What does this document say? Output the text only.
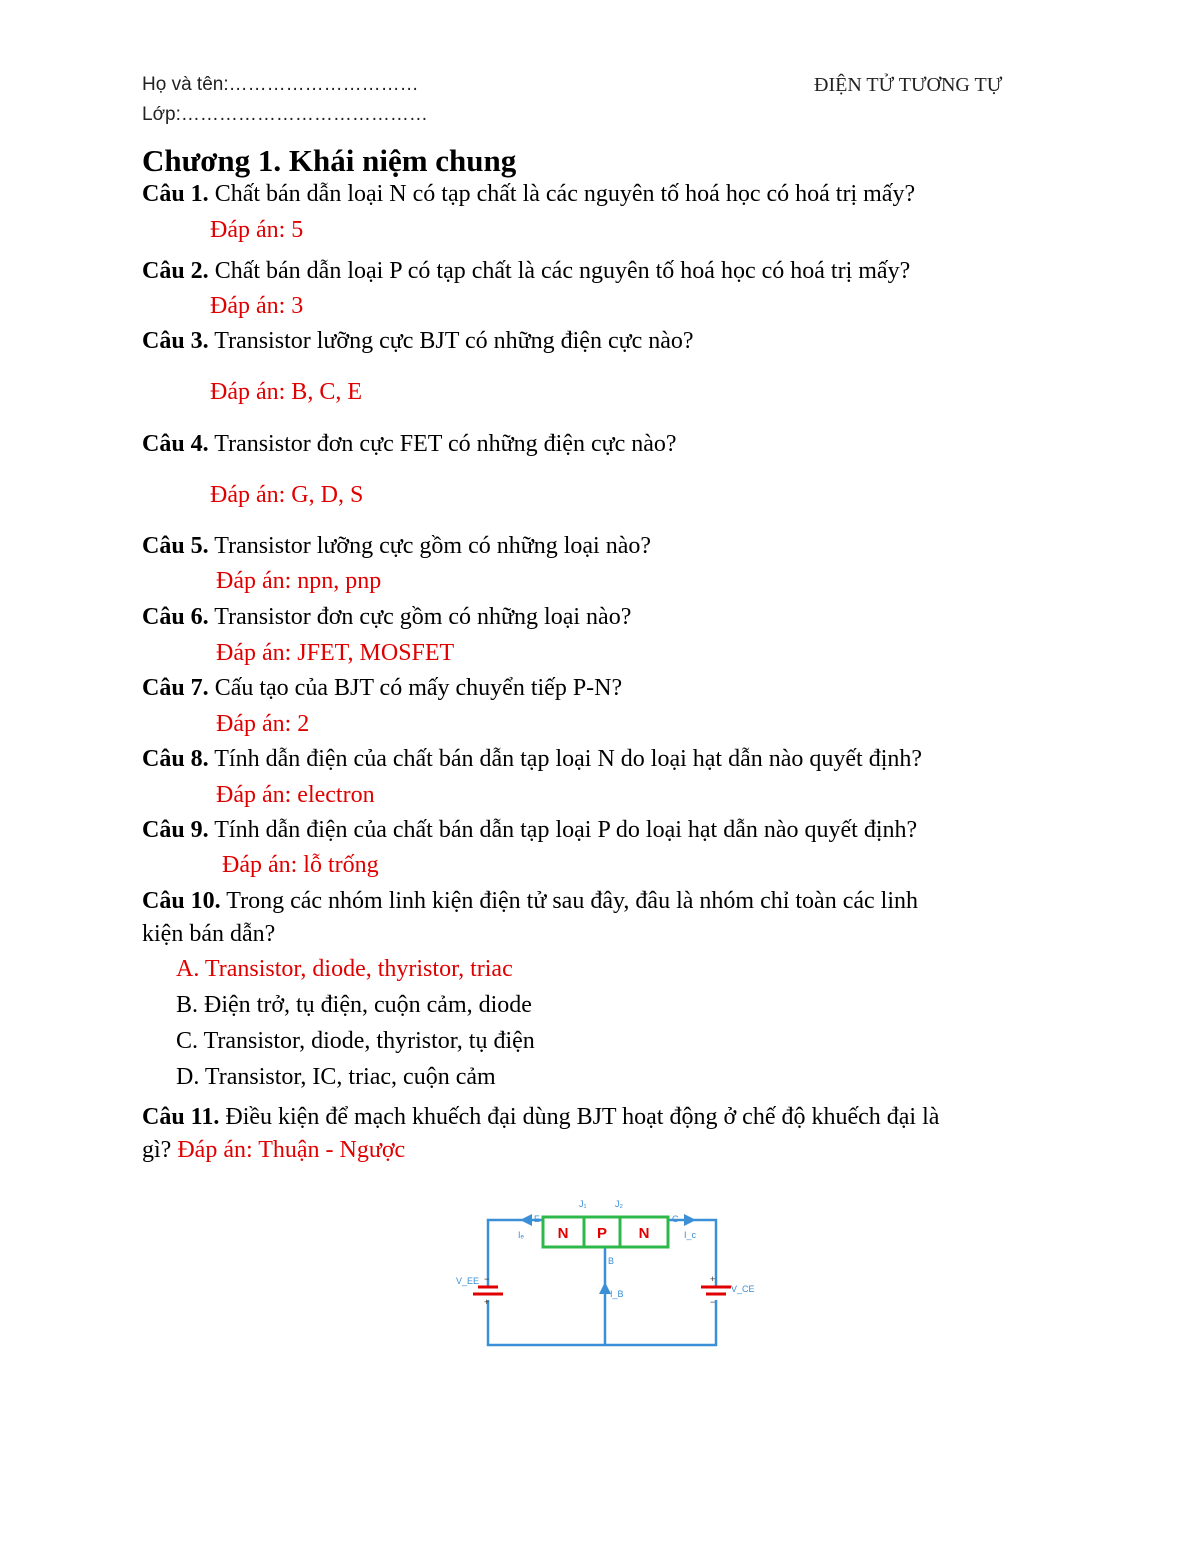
Họ và tên:…………………………
Lớp:…………………………………
ĐIỆN TỬ TƯƠNG TỰ
Chương 1. Khái niệm chung
Câu 1. Chất bán dẫn loại N có tạp chất là các nguyên tố hoá học có hoá trị mấy?
Đáp án: 5
Câu 2. Chất bán dẫn loại P có tạp chất là các nguyên tố hoá học có hoá trị mấy?
Đáp án: 3
Câu 3. Transistor lưỡng cực BJT có những điện cực nào?
Đáp án: B, C, E
Câu 4. Transistor đơn cực FET có những điện cực nào?
Đáp án: G, D, S
Câu 5. Transistor lưỡng cực gồm có những loại nào?
Đáp án: npn, pnp
Câu 6. Transistor đơn cực gồm có những loại nào?
Đáp án: JFET, MOSFET
Câu 7. Cấu tạo của BJT có mấy chuyển tiếp P-N?
Đáp án: 2
Câu 8. Tính dẫn điện của chất bán dẫn tạp loại N do loại hạt dẫn nào quyết định?
Đáp án: electron
Câu 9. Tính dẫn điện của chất bán dẫn tạp loại P do loại hạt dẫn nào quyết định?
Đáp án: lỗ trống
Câu 10. Trong các nhóm linh kiện điện tử sau đây, đâu là nhóm chỉ toàn các linh
kiện bán dẫn?
A. Transistor, diode, thyristor, triac
B. Điện trở, tụ điện, cuộn cảm, diode
C. Transistor, diode, thyristor, tụ điện
D. Transistor, IC, triac, cuộn cảm
Câu 11. Điều kiện để mạch khuếch đại dùng BJT hoạt động ở chế độ khuếch đại là
gì? Đáp án: Thuận - Ngược
N P N
E
B
C
J₁	J₂
Iₑ
I_B
I_c
V_EE
V_CE
−
+
+
−
